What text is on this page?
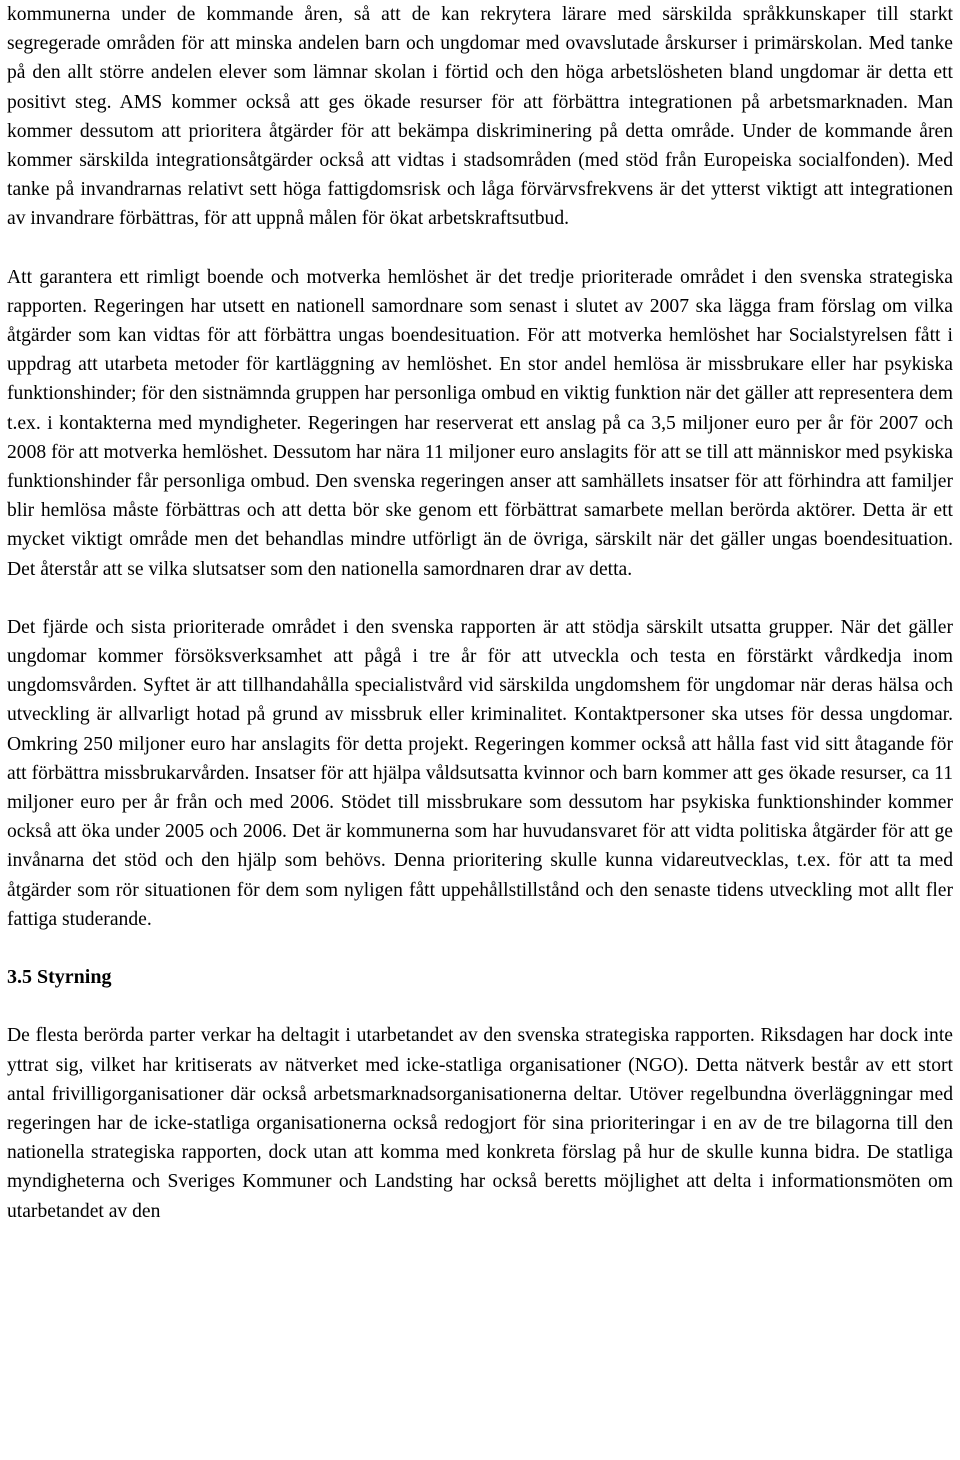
kommunerna under de kommande åren, så att de kan rekrytera lärare med särskilda språkkunskaper till starkt segregerade områden för att minska andelen barn och ungdomar med ovavslutade årskurser i primärskolan. Med tanke på den allt större andelen elever som lämnar skolan i förtid och den höga arbetslösheten bland ungdomar är detta ett positivt steg. AMS kommer också att ges ökade resurser för att förbättra integrationen på arbetsmarknaden. Man kommer dessutom att prioritera åtgärder för att bekämpa diskriminering på detta område. Under de kommande åren kommer särskilda integrationsåtgärder också att vidtas i stadsområden (med stöd från Europeiska socialfonden). Med tanke på invandrarnas relativt sett höga fattigdomsrisk och låga förvärvsfrekvens är det ytterst viktigt att integrationen av invandrare förbättras, för att uppnå målen för ökat arbetskraftsutbud.

Att garantera ett rimligt boende och motverka hemlöshet är det tredje prioriterade området i den svenska strategiska rapporten. Regeringen har utsett en nationell samordnare som senast i slutet av 2007 ska lägga fram förslag om vilka åtgärder som kan vidtas för att förbättra ungas boendesituation. För att motverka hemlöshet har Socialstyrelsen fått i uppdrag att utarbeta metoder för kartläggning av hemlöshet. En stor andel hemlösa är missbrukare eller har psykiska funktionshinder; för den sistnämnda gruppen har personliga ombud en viktig funktion när det gäller att representera dem t.ex. i kontakterna med myndigheter. Regeringen har reserverat ett anslag på ca 3,5 miljoner euro per år för 2007 och 2008 för att motverka hemlöshet. Dessutom har nära 11 miljoner euro anslagits för att se till att människor med psykiska funktionshinder får personliga ombud. Den svenska regeringen anser att samhällets insatser för att förhindra att familjer blir hemlösa måste förbättras och att detta bör ske genom ett förbättrat samarbete mellan berörda aktörer. Detta är ett mycket viktigt område men det behandlas mindre utförligt än de övriga, särskilt när det gäller ungas boendesituation. Det återstår att se vilka slutsatser som den nationella samordnaren drar av detta.

Det fjärde och sista prioriterade området i den svenska rapporten är att stödja särskilt utsatta grupper. När det gäller ungdomar kommer försöksverksamhet att pågå i tre år för att utveckla och testa en förstärkt vårdkedja inom ungdomsvården. Syftet är att tillhandahålla specialistvård vid särskilda ungdomshem för ungdomar när deras hälsa och utveckling är allvarligt hotad på grund av missbruk eller kriminalitet. Kontaktpersoner ska utses för dessa ungdomar. Omkring 250 miljoner euro har anslagits för detta projekt. Regeringen kommer också att hålla fast vid sitt åtagande för att förbättra missbrukarvården. Insatser för att hjälpa våldsutsatta kvinnor och barn kommer att ges ökade resurser, ca 11 miljoner euro per år från och med 2006. Stödet till missbrukare som dessutom har psykiska funktionshinder kommer också att öka under 2005 och 2006. Det är kommunerna som har huvudansvaret för att vidta politiska åtgärder för att ge invånarna det stöd och den hjälp som behövs. Denna prioritering skulle kunna vidareutvecklas, t.ex. för att ta med åtgärder som rör situationen för dem som nyligen fått uppehållstillstånd och den senaste tidens utveckling mot allt fler fattiga studerande.

3.5 Styrning

De flesta berörda parter verkar ha deltagit i utarbetandet av den svenska strategiska rapporten. Riksdagen har dock inte yttrat sig, vilket har kritiserats av nätverket med icke-statliga organisationer (NGO). Detta nätverk består av ett stort antal frivilligorganisationer där också arbetsmarknadsorganisationerna deltar. Utöver regelbundna överläggningar med regeringen har de icke-statliga organisationerna också redogjort för sina prioriteringar i en av de tre bilagorna till den nationella strategiska rapporten, dock utan att komma med konkreta förslag på hur de skulle kunna bidra. De statliga myndigheterna och Sveriges Kommuner och Landsting har också beretts möjlighet att delta i informationsmöten om utarbetandet av den
